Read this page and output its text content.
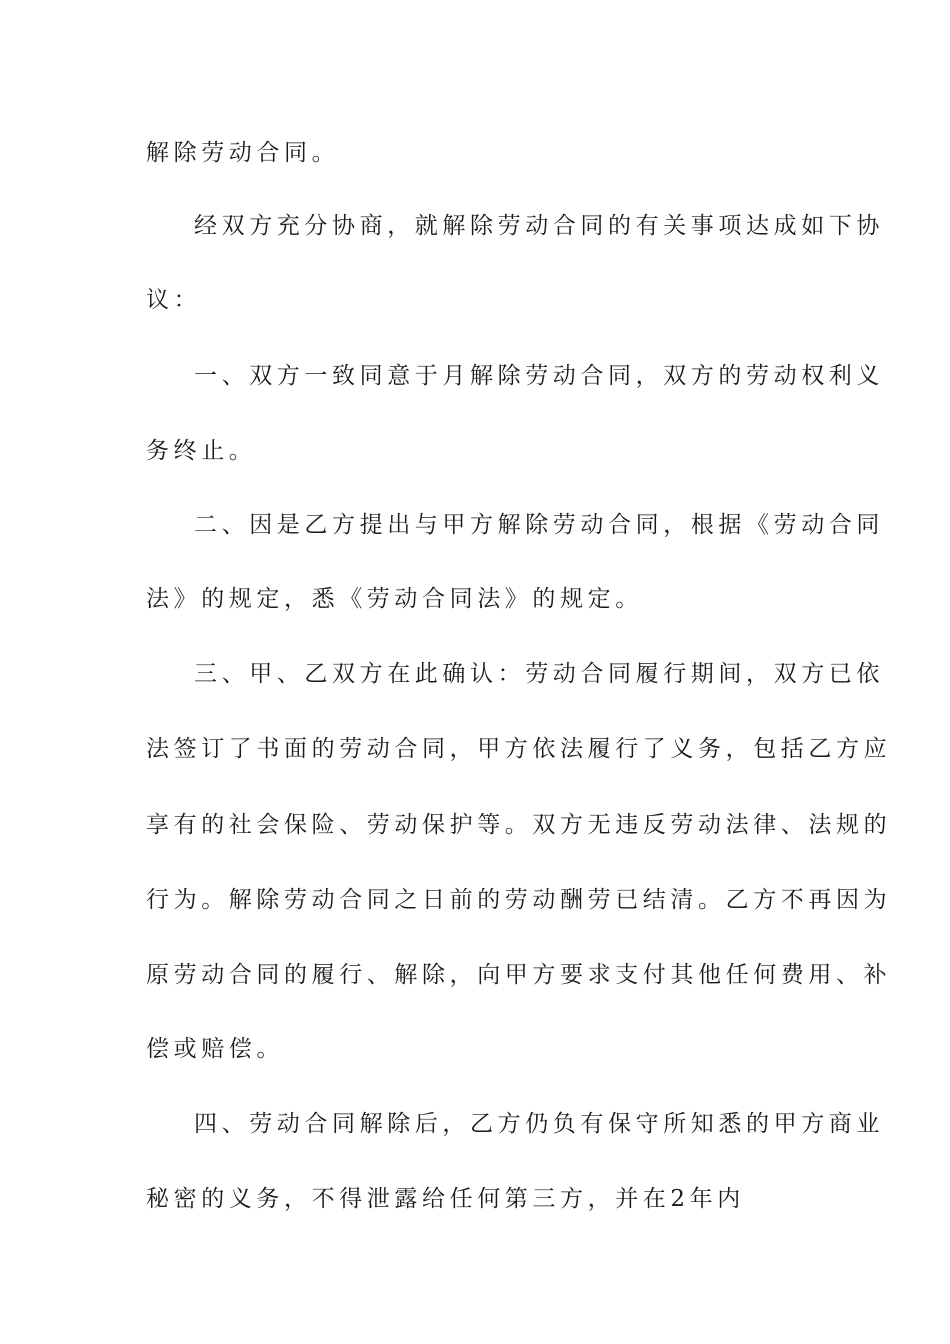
解除劳动合同。
经双方充分协商，就解除劳动合同的有关事项达成如下协
议：
一、双方一致同意于月解除劳动合同，双方的劳动权利义
务终止。
二、因是乙方提出与甲方解除劳动合同，根据《劳动合同
法》的规定，悉《劳动合同法》的规定。
三、甲、乙双方在此确认：劳动合同履行期间，双方已依
法签订了书面的劳动合同，甲方依法履行了义务，包括乙方应
享有的社会保险、劳动保护等。双方无违反劳动法律、法规的
行为。解除劳动合同之日前的劳动酬劳已结清。乙方不再因为
原劳动合同的履行、解除，向甲方要求支付其他任何费用、补
偿或赔偿。
四、劳动合同解除后，乙方仍负有保守所知悉的甲方商业
秘密的义务，不得泄露给任何第三方，并在2年内
